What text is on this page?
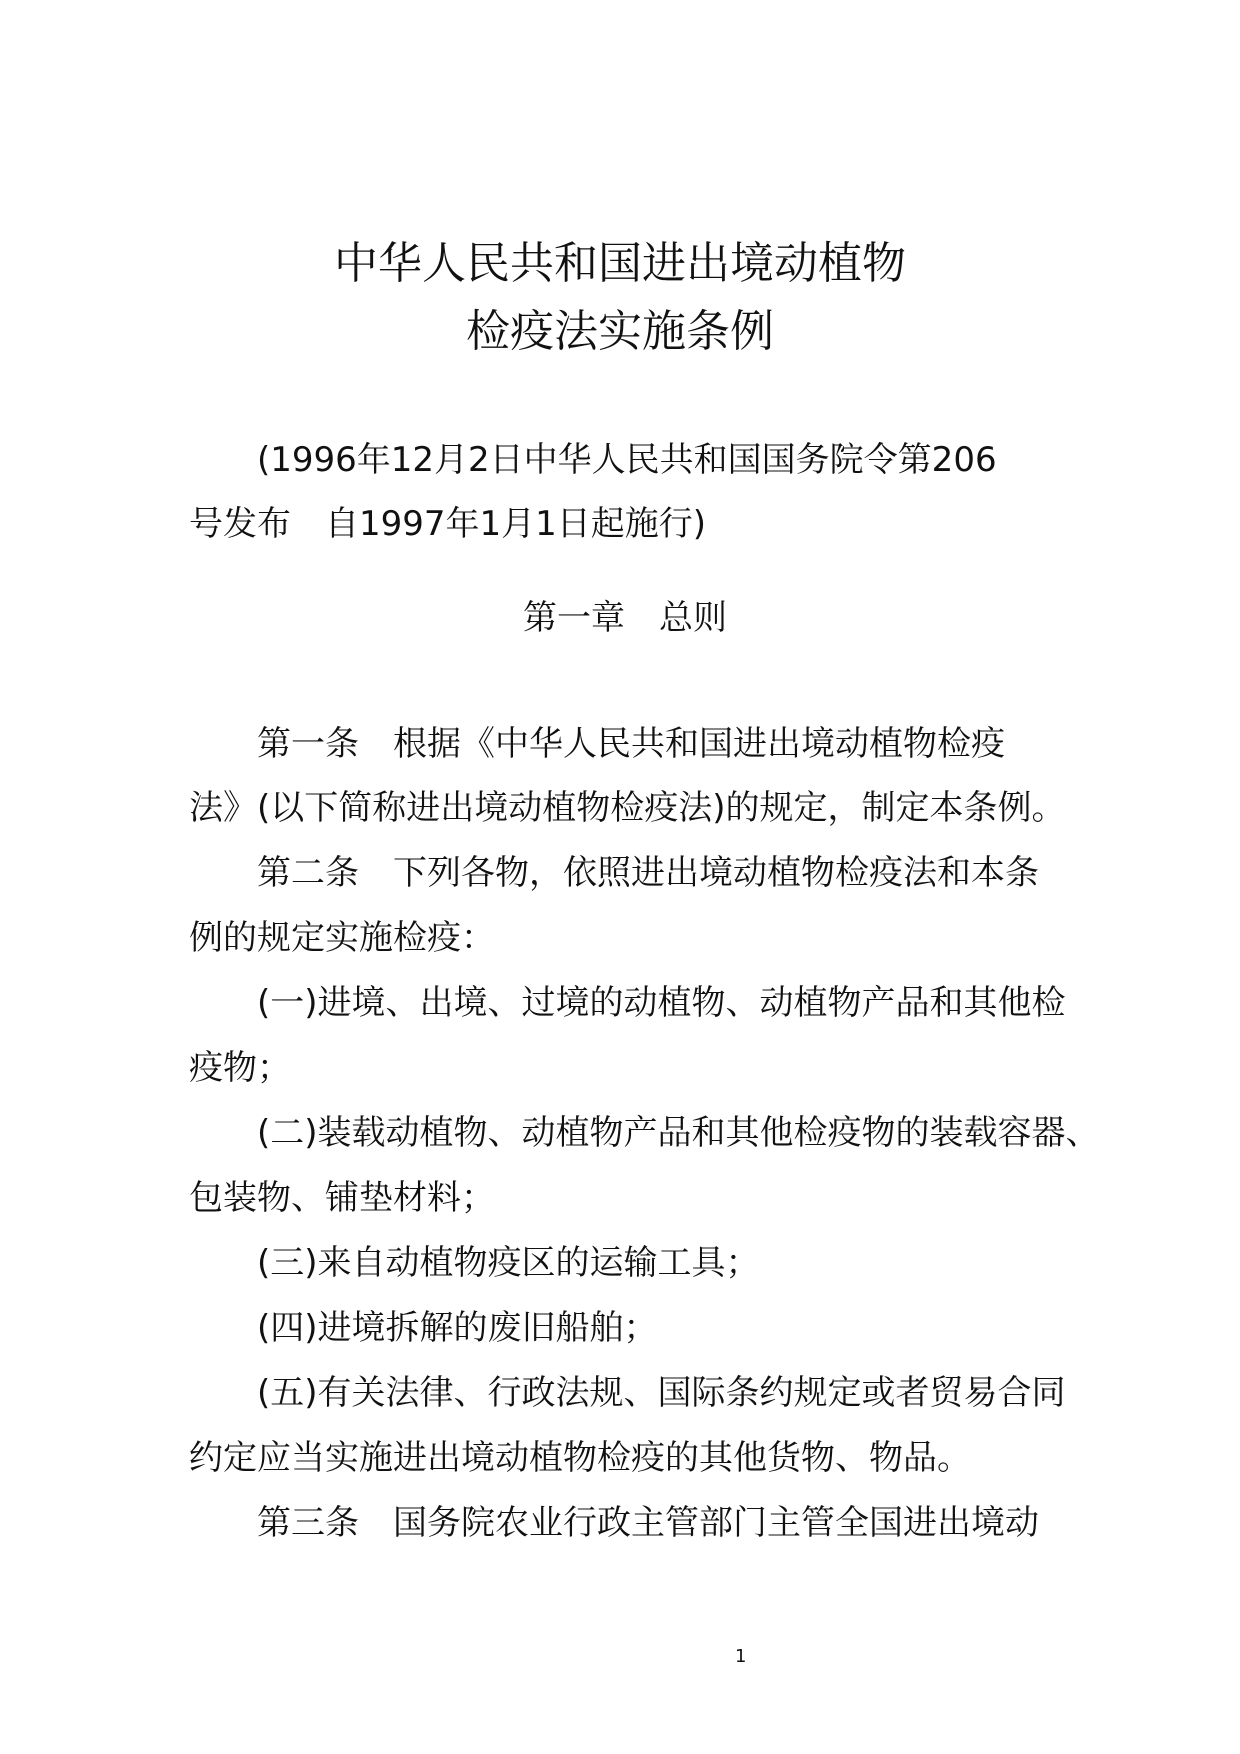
中华人民共和国进出境动植物
检疫法实施条例
(1996年12月2日中华人民共和国国务院令第206
号发布　自1997年1月1日起施行)
第一章　总则
第一条　根据《中华人民共和国进出境动植物检疫
法》(以下简称进出境动植物检疫法)的规定，制定本条例。
第二条　下列各物，依照进出境动植物检疫法和本条
例的规定实施检疫：
(一)进境、出境、过境的动植物、动植物产品和其他检
疫物；
(二)装载动植物、动植物产品和其他检疫物的装载容器、
包装物、铺垫材料；
(三)来自动植物疫区的运输工具；
(四)进境拆解的废旧船舶；
(五)有关法律、行政法规、国际条约规定或者贸易合同
约定应当实施进出境动植物检疫的其他货物、物品。
第三条　国务院农业行政主管部门主管全国进出境动
1
